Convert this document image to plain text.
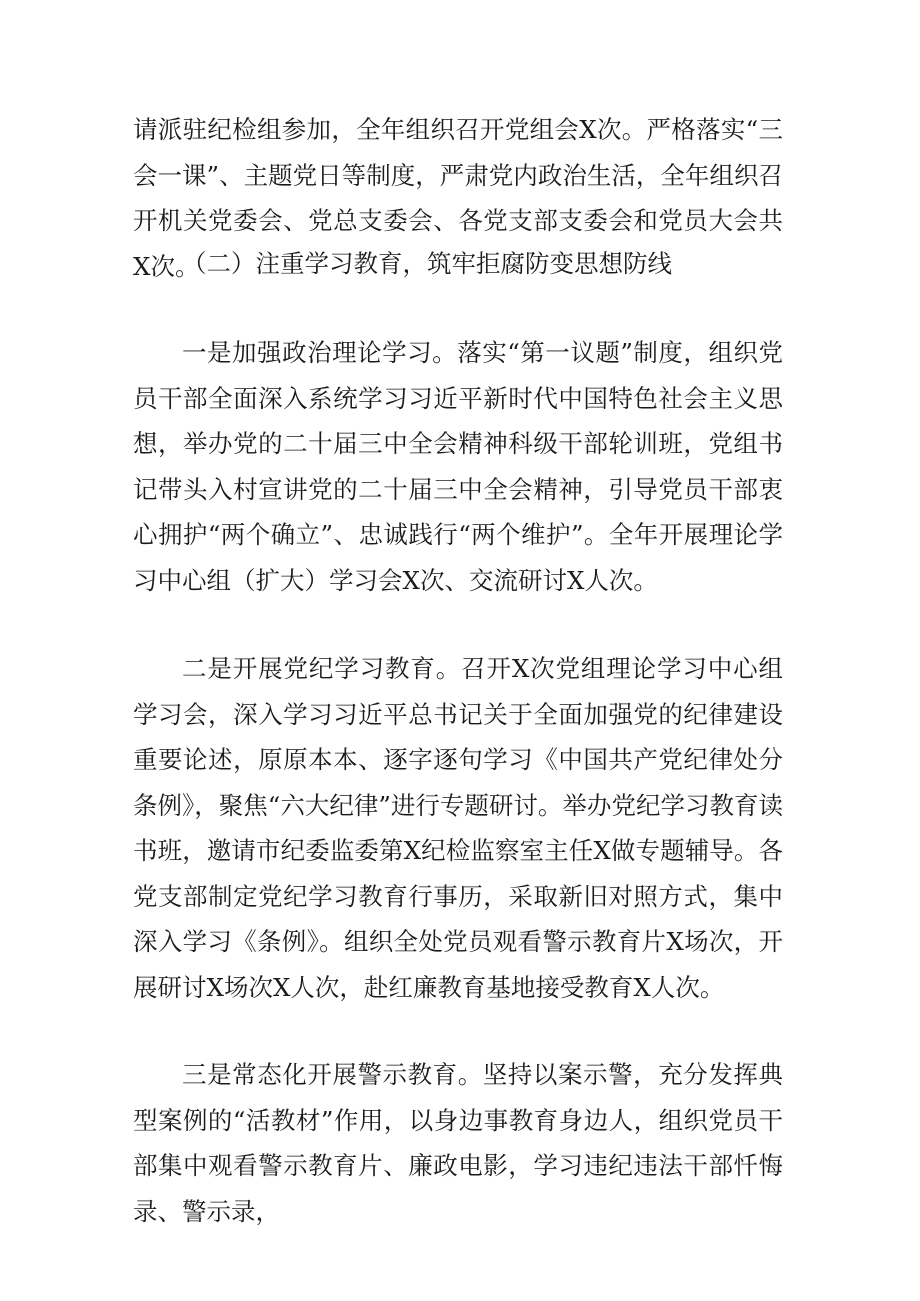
请派驻纪检组参加，全年组织召开党组会X次。严格落实“三会一课”、主题党日等制度，严肃党内政治生活，全年组织召开机关党委会、党总支委会、各党支部支委会和党员大会共X次。

（二）注重学习教育，筑牢拒腐防变思想防线

一是加强政治理论学习。落实“第一议题”制度，组织党员干部全面深入系统学习习近平新时代中国特色社会主义思想，举办党的二十届三中全会精神科级干部轮训班，党组书记带头入村宣讲党的二十届三中全会精神，引导党员干部衷心拥护“两个确立”、忠诚践行“两个维护”。全年开展理论学习中心组（扩大）学习会X次、交流研讨X人次。

二是开展党纪学习教育。召开X次党组理论学习中心组学习会，深入学习习近平总书记关于全面加强党的纪律建设重要论述，原原本本、逐字逐句学习《中国共产党纪律处分条例》，聚焦“六大纪律”进行专题研讨。举办党纪学习教育读书班，邀请市纪委监委第X纪检监察室主任X做专题辅导。各党支部制定党纪学习教育行事历，采取新旧对照方式，集中深入学习《条例》。组织全处党员观看警示教育片X场次，开展研讨X场次X人次，赴红廉教育基地接受教育X人次。

三是常态化开展警示教育。坚持以案示警，充分发挥典型案例的“活教材”作用，以身边事教育身边人，组织党员干部集中观看警示教育片、廉政电影，学习违纪违法干部忏悔录、警示录，
